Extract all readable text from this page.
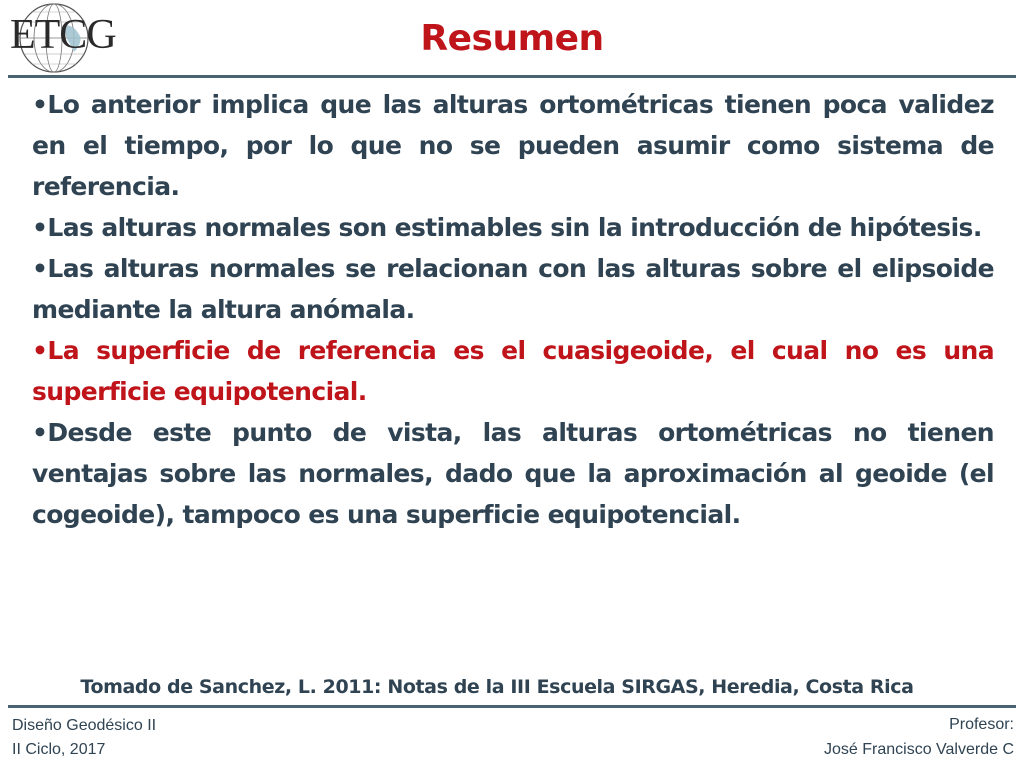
ETCG	Resumen

•Lo anterior implica que las alturas ortométricas tienen poca validez en el tiempo, por lo que no se pueden asumir como sistema de referencia.

•Las alturas normales son estimables sin la introducción de hipótesis.

•Las alturas normales se relacionan con las alturas sobre el elipsoide mediante la altura anómala.

•La superficie de referencia es el cuasigeoide, el cual no es una superficie equipotencial.

•Desde este punto de vista, las alturas ortométricas no tienen ventajas sobre las normales, dado que la aproximación al geoide (el cogeoide), tampoco es una superficie equipotencial.

Tomado de Sanchez, L. 2011: Notas de la III Escuela SIRGAS, Heredia, Costa Rica
Diseño Geodésico II
II Ciclo, 2017
Profesor:
José Francisco Valverde C
